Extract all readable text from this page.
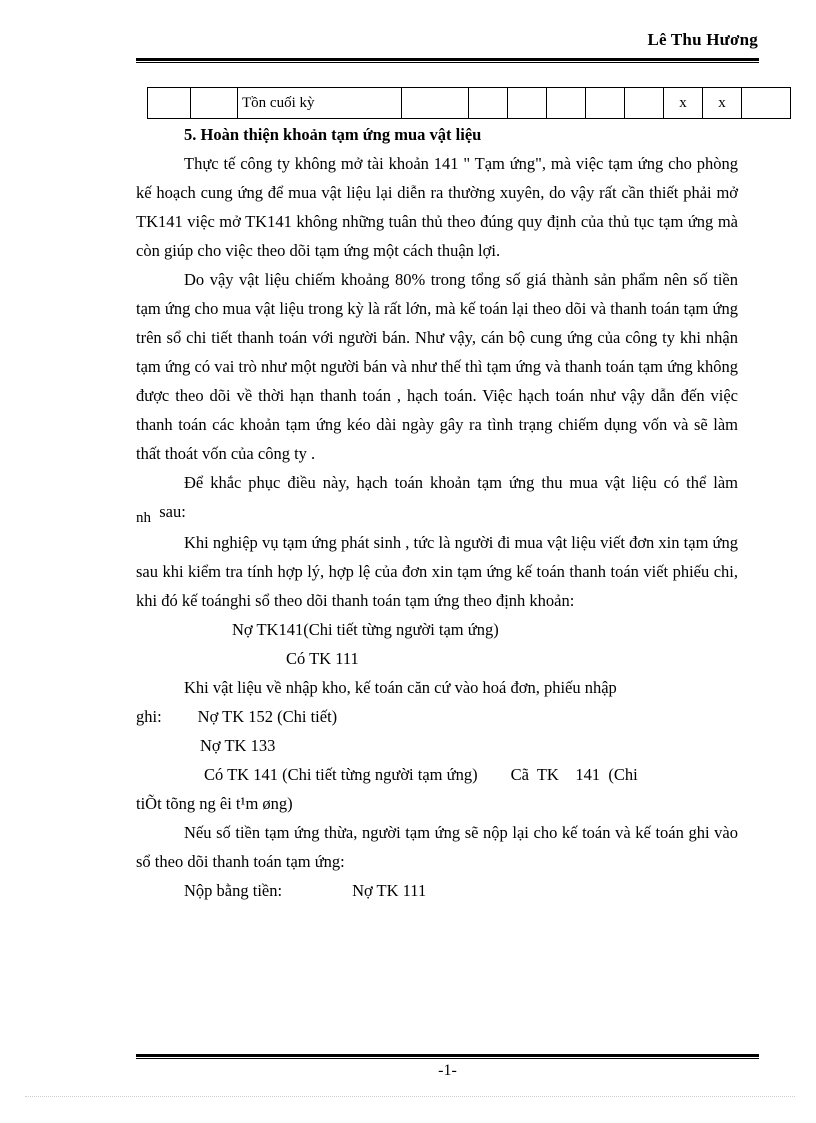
Lê Thu Hương
		Tồn cuối kỳ							x	x	

5. Hoàn thiện khoản tạm ứng mua vật liệu

Thực tế công ty không mở tài khoản 141 " Tạm ứng", mà việc tạm ứng cho phòng kế hoạch cung ứng để mua vật liệu lại diễn ra thường xuyên, do vậy rất cần thiết phải mở TK141 việc mở TK141 không những tuân thủ theo đúng quy định của thủ tục tạm ứng mà còn giúp cho việc theo dõi tạm ứng một cách thuận lợi.

Do vậy vật liệu chiếm khoảng 80% trong tổng số giá thành sản phẩm nên số tiền tạm ứng cho mua vật liệu trong kỳ là rất lớn, mà kế toán lại theo dõi và thanh toán tạm ứng trên sổ chi tiết thanh toán với người bán. Như vậy, cán bộ cung ứng của công ty khi nhận tạm ứng có vai trò như một người bán và như thế thì tạm ứng và thanh toán tạm ứng không được theo dõi về thời hạn thanh toán , hạch toán. Việc hạch toán như vậy dẫn đến việc thanh toán các khoản tạm ứng kéo dài ngày gây ra tình trạng chiếm dụng vốn và sẽ làm thất thoát vốn của công ty .

Để khắc phục điều này, hạch toán khoản tạm ứng thu mua vật liệu có thể làm nh sau:

Khi nghiệp vụ tạm ứng phát sinh , tức là người đi mua vật liệu viết đơn xin tạm ứng sau khi kiểm tra tính hợp lý, hợp lệ của đơn xin tạm ứng kế toán thanh toán viết phiếu chi, khi đó kế toánghi sổ theo dõi thanh toán tạm ứng theo định khoản:

Nợ TK141(Chi tiết từng người tạm ứng)
Có TK 111

Khi vật liệu về nhập kho, kế toán căn cứ vào hoá đơn, phiếu nhập

ghi: Nợ TK 152 (Chi tiết)
Nợ TK 133
Có TK 141 (Chi tiết từng người tạm ứng)        Cã  TK    141  (Chi
tiÕt tõng ng êi t¹m øng)

Nếu số tiền tạm ứng thừa, người tạm ứng sẽ nộp lại cho kế toán và kế toán ghi vào sổ theo dõi thanh toán tạm ứng:

Nộp bằng tiền:	Nợ TK 111

-1-
